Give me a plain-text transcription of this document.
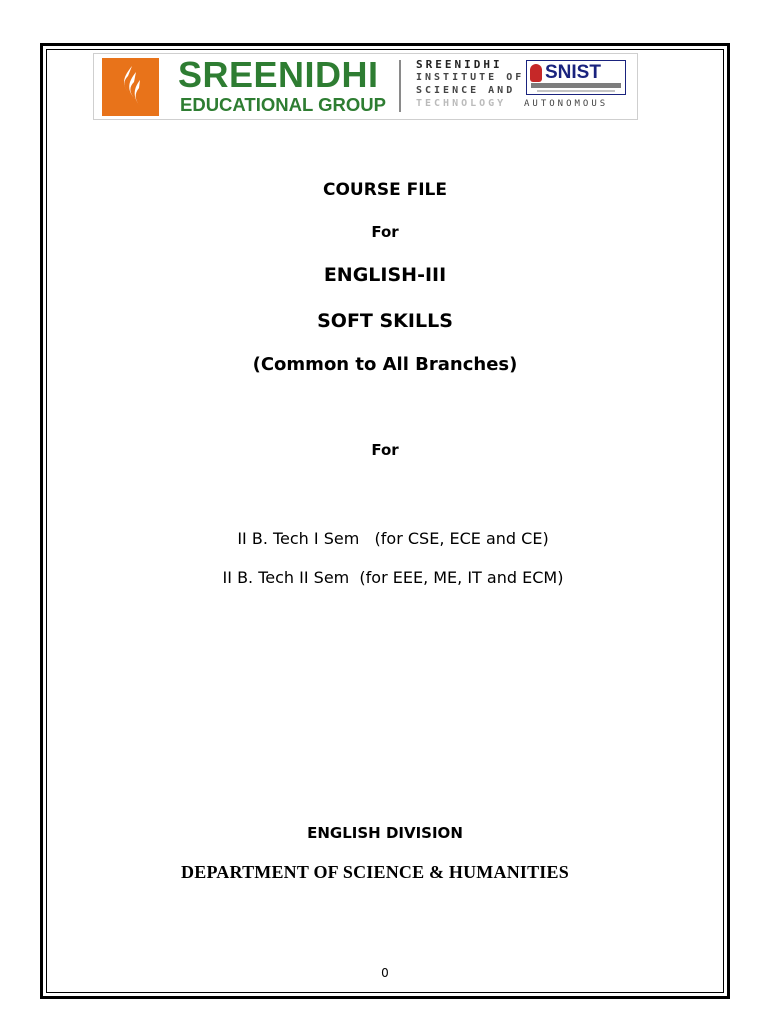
SREENIDHI
EDUCATIONAL GROUP
SREENIDHI
INSTITUTE OF
SCIENCE AND
TECHNOLOGY
SNIST
AUTONOMOUS
COURSE FILE
For
ENGLISH-III
SOFT SKILLS
(Common to All Branches)
For
II B. Tech I Sem   (for CSE, ECE and CE)
II B. Tech II Sem  (for EEE, ME, IT and ECM)
ENGLISH DIVISION
DEPARTMENT OF SCIENCE & HUMANITIES
0
